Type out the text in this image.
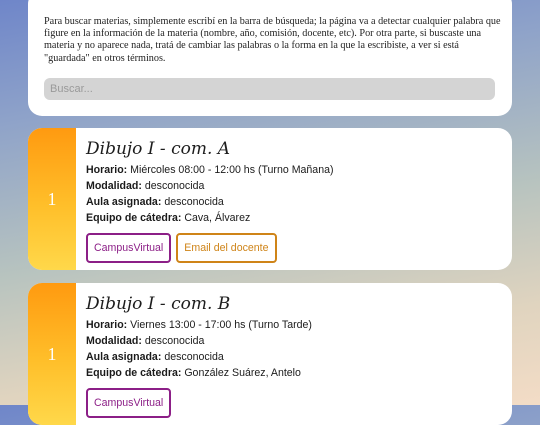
Para buscar materias, simplemente escribí en la barra de búsqueda; la página va a detectar cualquier palabra que figure en la información de la materia (nombre, año, comisión, docente, etc). Por otra parte, si buscaste una materia y no aparece nada, tratá de cambiar las palabras o la forma en la que la escribiste, a ver si está "guardada" en otros términos.

Buscar...
1
Dibujo I - com. A
Horario: Miércoles 08:00 - 12:00 hs (Turno Mañana)
Modalidad: desconocida
Aula asignada: desconocida
Equipo de cátedra: Cava, Álvarez
CampusVirtual	Email del docente
1
Dibujo I - com. B
Horario: Viernes 13:00 - 17:00 hs (Turno Tarde)
Modalidad: desconocida
Aula asignada: desconocida
Equipo de cátedra: González Suárez, Antelo
CampusVirtual
